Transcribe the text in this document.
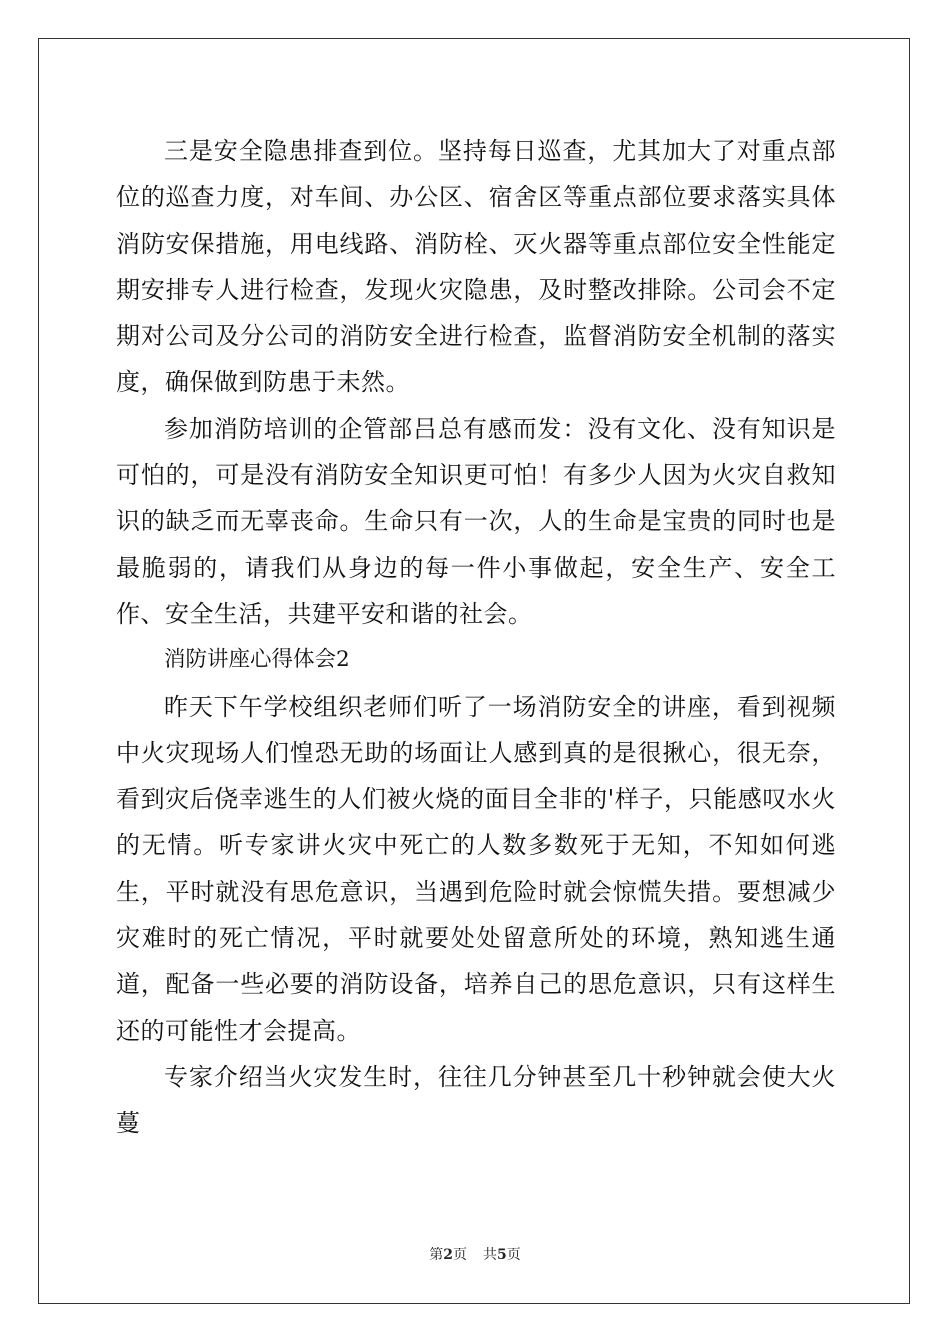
三是安全隐患排查到位。坚持每日巡查，尤其加大了对重点部位的巡查力度，对车间、办公区、宿舍区等重点部位要求落实具体消防安保措施，用电线路、消防栓、灭火器等重点部位安全性能定期安排专人进行检查，发现火灾隐患，及时整改排除。公司会不定期对公司及分公司的消防安全进行检查，监督消防安全机制的落实度，确保做到防患于未然。

参加消防培训的企管部吕总有感而发：没有文化、没有知识是可怕的，可是没有消防安全知识更可怕！有多少人因为火灾自救知识的缺乏而无辜丧命。生命只有一次，人的生命是宝贵的同时也是最脆弱的，请我们从身边的每一件小事做起，安全生产、安全工作、安全生活，共建平安和谐的社会。

消防讲座心得体会2

昨天下午学校组织老师们听了一场消防安全的讲座，看到视频中火灾现场人们惶恐无助的场面让人感到真的是很揪心，很无奈，看到灾后侥幸逃生的人们被火烧的面目全非的'样子，只能感叹水火的无情。听专家讲火灾中死亡的人数多数死于无知，不知如何逃生，平时就没有思危意识，当遇到危险时就会惊慌失措。要想减少灾难时的死亡情况，平时就要处处留意所处的环境，熟知逃生通道，配备一些必要的消防设备，培养自己的思危意识，只有这样生还的可能性才会提高。

专家介绍当火灾发生时，往往几分钟甚至几十秒钟就会使大火蔓

第2页 共5页
